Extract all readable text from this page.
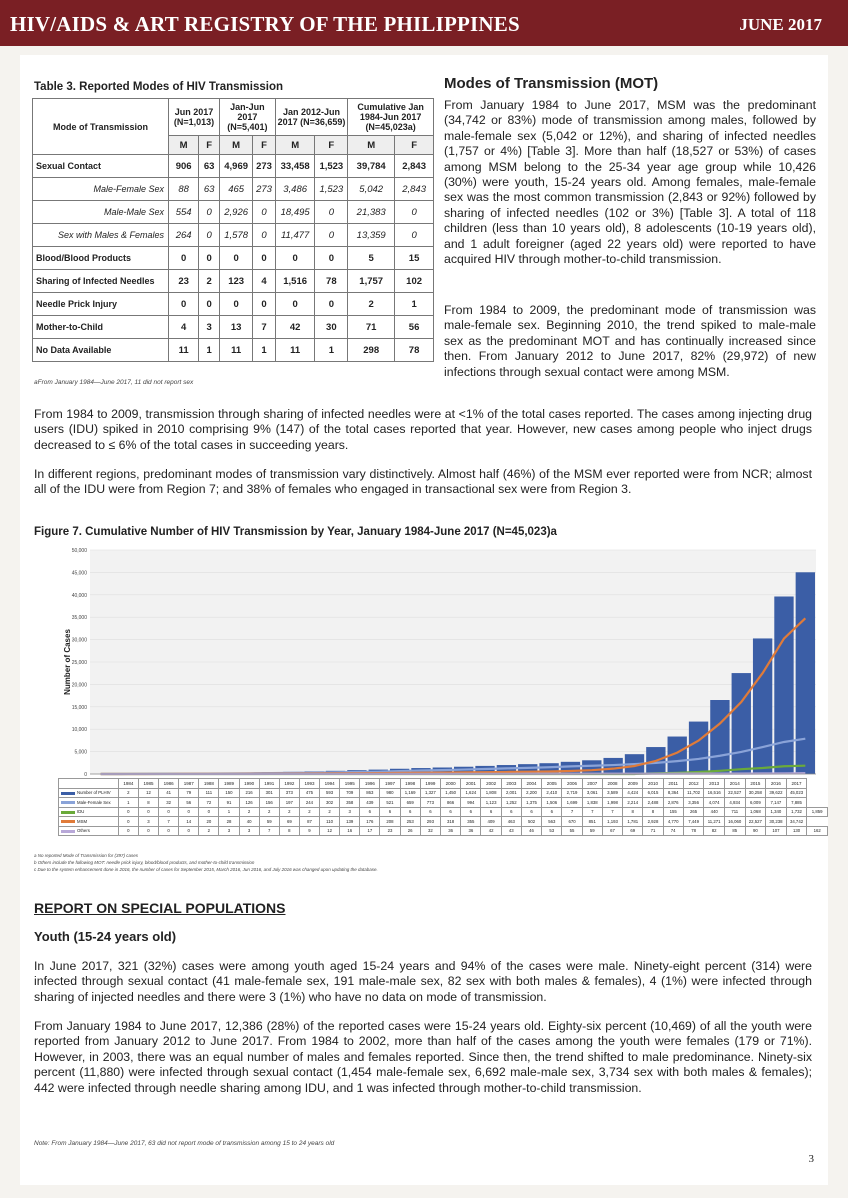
HIV/AIDS & ART REGISTRY OF THE PHILIPPINES	JUNE 2017
Table 3. Reported Modes of HIV Transmission
Mode of Transmission	Jun 2017 (N=1,013)		Jan-Jun 2017 (N=5,401)		Jan 2012-Jun 2017 (N=36,659)		Cumulative Jan 1984-Jun 2017 (N=45,023a)	
	M	F	M	F	M	F	M	F
Sexual Contact	906	63	4,969	273	33,458	1,523	39,784	2,843
Male-Female Sex	88	63	465	273	3,486	1,523	5,042	2,843
Male-Male Sex	554	0	2,926	0	18,495	0	21,383	0
Sex with Males & Females	264	0	1,578	0	11,477	0	13,359	0
Blood/Blood Products	0	0	0	0	0	0	5	15
Sharing of Infected Needles	23	2	123	4	1,516	78	1,757	102
Needle Prick Injury	0	0	0	0	0	0	2	1
Mother-to-Child	4	3	13	7	42	30	71	56
No Data Available	11	1	11	1	11	1	298	78
aFrom January 1984—June 2017, 11 did not report sex
Modes of Transmission (MOT)
From January 1984 to June 2017, MSM was the predominant (34,742 or 83%) mode of transmission among males, followed by male-female sex (5,042 or 12%), and sharing of infected needles (1,757 or 4%) [Table 3]. More than half (18,527 or 53%) of cases among MSM belong to the 25-34 year age group while 10,426 (30%) were youth, 15-24 years old. Among females, male-female sex was the most common transmission (2,843 or 92%) followed by sharing of infected needles (102 or 3%) [Table 3]. A total of 118 children (less than 10 years old), 8 adolescents (10-19 years old), and 1 adult foreigner (aged 22 years old) were reported to have acquired HIV through mother-to-child transmission.
From 1984 to 2009, the predominant mode of transmission was male-female sex. Beginning 2010, the trend spiked to male-male sex as the predominant MOT and has continually increased since then. From January 2012 to June 2017, 82% (29,972) of new infections through sexual contact were among MSM.
From 1984 to 2009, transmission through sharing of infected needles were at <1% of the total cases reported. The cases among injecting drug users (IDU) spiked in 2010 comprising 9% (147) of the total cases reported that year. However, new cases among people who inject drugs decreased to ≤ 6% of the total cases in succeeding years.
In different regions, predominant modes of transmission vary distinctively. Almost half (46%) of the MSM ever reported were from NCR; almost all of the IDU were from Region 7; and 38% of females who engaged in transactional sex were from Region 3.
Figure 7. Cumulative Number of HIV Transmission by Year, January 1984-June 2017 (N=45,023)a
50,000
45,000
40,000
35,000
30,000
25,000
20,000
15,000
10,000
5,000
0
Number of Cases
	1984	1985	1986	1987	1988	1989	1990	1991	1992	1993	1994	1995	1996	1997	1998	1999	2000	2001	2002	2003	2004	2005	2006	2007	2008	2009	2010	2011	2012	2013	2014	2015	2016	2017	
Number of PLHIV	2	12	41	79	111	150	216	301	373	475	593	709	863	980	1,169	1,327	1,450	1,624	1,808	2,001	2,200	2,410	2,719	3,061	3,589	4,424	6,015	8,364	11,702	16,516	22,527	30,258	39,622	45,023	
Male-Female Sex	1	8	32	56	72	91	126	156	197	244	302	358	439	521	659	773	866	994	1,123	1,252	1,375	1,506	1,699	1,838	1,998	2,214	2,488	2,876	3,356	4,074	4,934	6,009	7,147	7,885	
IDU	0	0	0	0	0	1	2	2	2	2	2	3	6	6	6	6	6	6	6	6	6	6	7	7	7	8	8	155	265	440	711	1,068	1,340	1,732	1,859
MSM	0	3	7	14	20	28	40	59	69	87	110	139	176	208	253	293	318	355	409	463	502	563	670	851	1,193	1,781	2,928	4,770	7,449	11,271	16,060	22,527	30,238	34,742	
Others	0	0	0	0	2	3	3	7	8	9	12	16	17	23	26	32	36	36	42	43	46	53	55	59	67	69	71	74	78	82	85	90	107	130	162
a No reported Mode of Transmission for (397) cases
b Others include the following MOT: needle prick injury, blood/blood products, and mother-to-child transmission
c Due to the system enhancement done in 2016, the number of cases for September 2015, March 2016, Jun 2016, and July 2016 was changed upon updating the database.
REPORT ON SPECIAL POPULATIONS
Youth (15-24 years old)
In June 2017, 321 (32%) cases were among youth aged 15-24 years and 94% of the cases were male. Ninety-eight percent (314) were infected through sexual contact (41 male-female sex, 191 male-male sex, 82 sex with both males & females), 4 (1%) were infected through sharing of injected needles and there were 3 (1%) who have no data on mode of transmission.
From January 1984 to June 2017, 12,386 (28%) of the reported cases were 15-24 years old. Eighty-six percent (10,469) of all the youth were reported from January 2012 to June 2017. From 1984 to 2002, more than half of the cases among the youth were females (179 or 71%). However, in 2003, there was an equal number of males and females reported. Since then, the trend shifted to male predominance. Ninety-six percent (11,880) were infected through sexual contact (1,454 male-female sex, 6,692 male-male sex, 3,734 sex with both males & females); 442 were infected through needle sharing among IDU, and 1 was infected through mother-to-child transmission.
Note: From January 1984—June 2017, 63 did not report mode of transmission among 15 to 24 years old
3
